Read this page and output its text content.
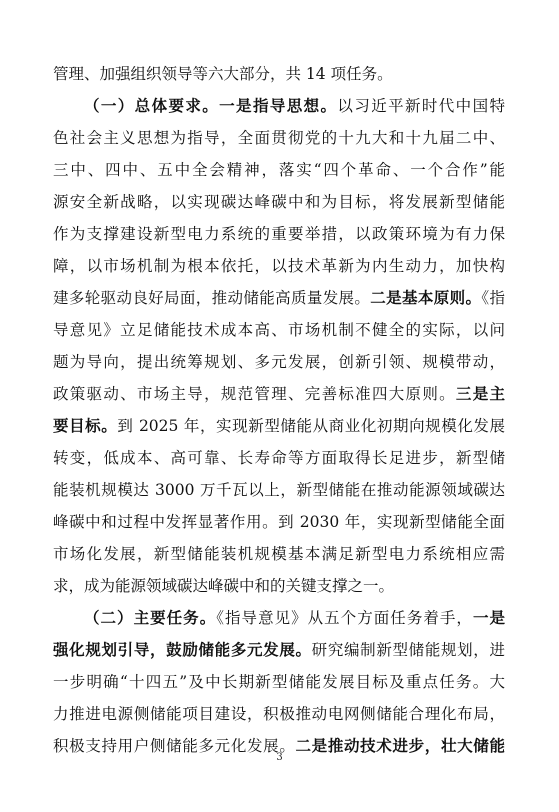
管理、加强组织领导等六大部分，共 14 项任务。
（一）总体要求。一是指导思想。以习近平新时代中国特
色社会主义思想为指导，全面贯彻党的十九大和十九届二中、
三中、四中、五中全会精神，落实“四个革命、一个合作”能
源安全新战略，以实现碳达峰碳中和为目标，将发展新型储能
作为支撑建设新型电力系统的重要举措，以政策环境为有力保
障，以市场机制为根本依托，以技术革新为内生动力，加快构
建多轮驱动良好局面，推动储能高质量发展。二是基本原则。《指
导意见》立足储能技术成本高、市场机制不健全的实际，以问
题为导向，提出统筹规划、多元发展，创新引领、规模带动，
政策驱动、市场主导，规范管理、完善标准四大原则。三是主
要目标。到 2025 年，实现新型储能从商业化初期向规模化发展
转变，低成本、高可靠、长寿命等方面取得长足进步，新型储
能装机规模达 3000 万千瓦以上，新型储能在推动能源领域碳达
峰碳中和过程中发挥显著作用。到 2030 年，实现新型储能全面
市场化发展，新型储能装机规模基本满足新型电力系统相应需
求，成为能源领域碳达峰碳中和的关键支撑之一。
（二）主要任务。《指导意见》从五个方面任务着手，一是
强化规划引导，鼓励储能多元发展。研究编制新型储能规划，进
一步明确“十四五”及中长期新型储能发展目标及重点任务。大
力推进电源侧储能项目建设，积极推动电网侧储能合理化布局，
积极支持用户侧储能多元化发展。二是推动技术进步，壮大储能
3
